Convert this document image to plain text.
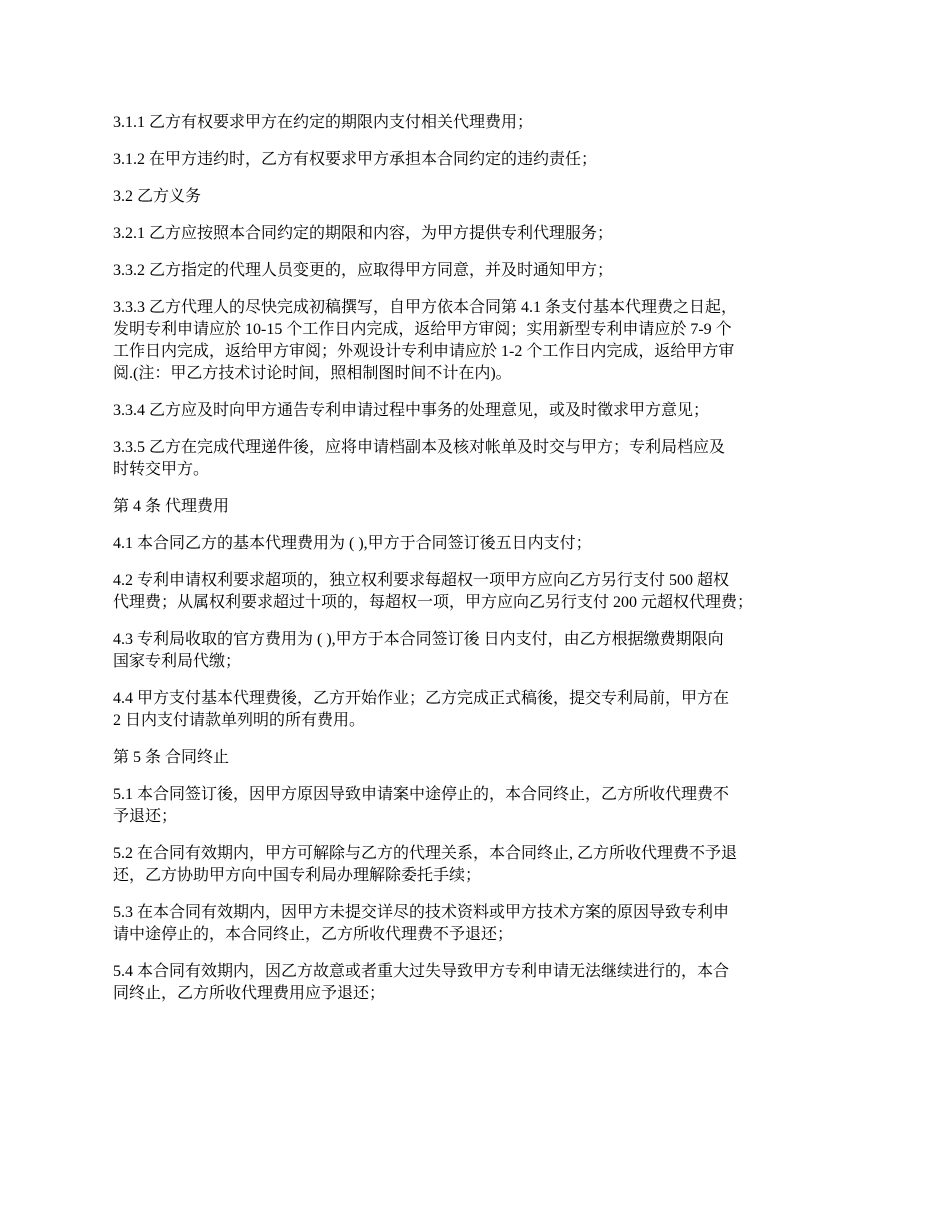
3.1.1 乙方有权要求甲方在约定的期限内支付相关代理费用；

3.1.2 在甲方违约时，乙方有权要求甲方承担本合同约定的违约责任；

3.2 乙方义务

3.2.1 乙方应按照本合同约定的期限和内容，为甲方提供专利代理服务；

3.3.2 乙方指定的代理人员变更的，应取得甲方同意，并及时通知甲方；

3.3.3 乙方代理人的尽快完成初稿撰写，自甲方依本合同第 4.1 条支付基本代理费之日起，
发明专利申请应於 10-15 个工作日内完成，返给甲方审阅；实用新型专利申请应於 7-9 个
工作日内完成，返给甲方审阅；外观设计专利申请应於 1-2 个工作日内完成，返给甲方审
阅.(注：甲乙方技术讨论时间，照相制图时间不计在内)。

3.3.4 乙方应及时向甲方通告专利申请过程中事务的处理意见，或及时徵求甲方意见；

3.3.5 乙方在完成代理递件後，应将申请档副本及核对帐单及时交与甲方；专利局档应及
时转交甲方。

第 4 条 代理费用

4.1 本合同乙方的基本代理费用为 ( ),甲方于合同签订後五日内支付；

4.2 专利申请权利要求超项的，独立权利要求每超权一项甲方应向乙方另行支付 500 超权
代理费；从属权利要求超过十项的，每超权一项，甲方应向乙另行支付 200 元超权代理费；

4.3 专利局收取的官方费用为 ( ),甲方于本合同签订後 日内支付，由乙方根据缴费期限向
国家专利局代缴；

4.4 甲方支付基本代理费後，乙方开始作业；乙方完成正式稿後，提交专利局前，甲方在
2 日内支付请款单列明的所有费用。

第 5 条 合同终止

5.1 本合同签订後，因甲方原因导致申请案中途停止的，本合同终止，乙方所收代理费不
予退还；

5.2 在合同有效期内，甲方可解除与乙方的代理关系，本合同终止, 乙方所收代理费不予退
还，乙方协助甲方向中国专利局办理解除委托手续；

5.3 在本合同有效期内，因甲方未提交详尽的技术资料或甲方技术方案的原因导致专利申
请中途停止的，本合同终止，乙方所收代理费不予退还；

5.4 本合同有效期内，因乙方故意或者重大过失导致甲方专利申请无法继续进行的，本合
同终止，乙方所收代理费用应予退还；
